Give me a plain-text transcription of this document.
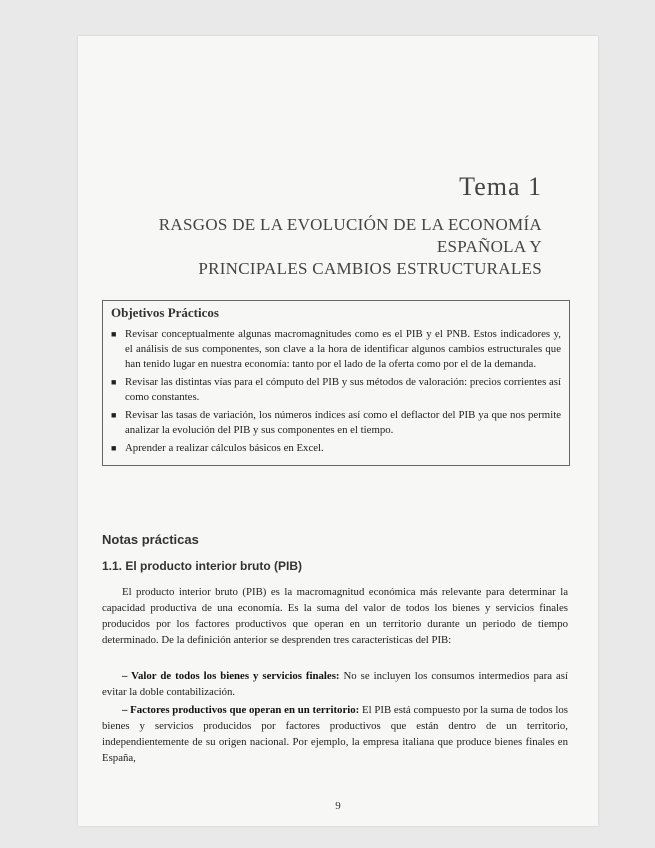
Tema 1
RASGOS DE LA EVOLUCIÓN DE LA ECONOMÍA ESPAÑOLA Y
PRINCIPALES CAMBIOS ESTRUCTURALES
Objetivos Prácticos
■ Revisar conceptualmente algunas macromagnitudes como es el PIB y el PNB. Estos indicadores y, el análisis de sus componentes, son clave a la hora de identificar algunos cambios estructurales que han tenido lugar en nuestra economía: tanto por el lado de la oferta como por el de la demanda.
■ Revisar las distintas vías para el cómputo del PIB y sus métodos de valoración: precios corrientes así como constantes.
■ Revisar las tasas de variación, los números índices así como el deflactor del PIB ya que nos permite analizar la evolución del PIB y sus componentes en el tiempo.
■ Aprender a realizar cálculos básicos en Excel.
Notas prácticas
1.1. El producto interior bruto (PIB)
El producto interior bruto (PIB) es la macromagnitud económica más relevante para determinar la capacidad productiva de una economía. Es la suma del valor de todos los bienes y servicios finales producidos por los factores productivos que operan en un territorio durante un periodo de tiempo determinado. De la definición anterior se desprenden tres características del PIB:
– Valor de todos los bienes y servicios finales: No se incluyen los consumos intermedios para así evitar la doble contabilización.
– Factores productivos que operan en un territorio: El PIB está compuesto por la suma de todos los bienes y servicios producidos por factores productivos que están dentro de un territorio, independientemente de su origen nacional. Por ejemplo, la empresa italiana que produce bienes finales en España,
9
